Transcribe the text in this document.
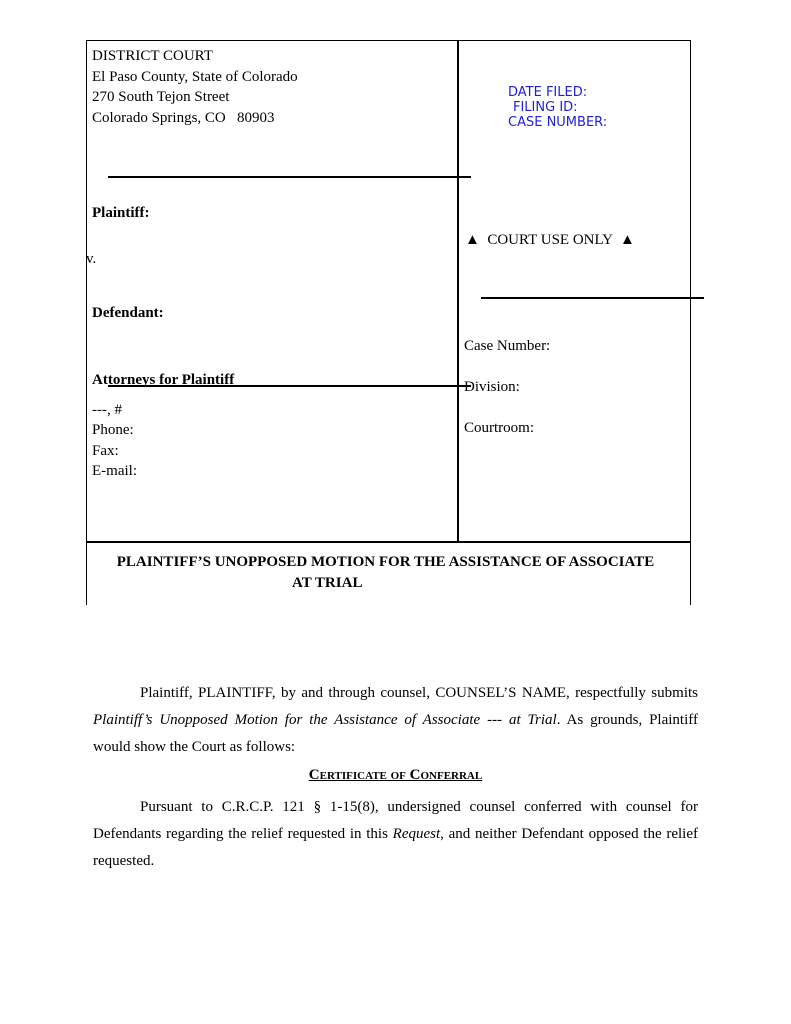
DISTRICT COURT
El Paso County, State of Colorado
270 South Tejon Street
Colorado Springs, CO   80903
DATE FILED:
FILING ID:
CASE NUMBER:
Plaintiff:
v.
Defendant:
▲  COURT USE ONLY  ▲
Case Number:
Division:
Courtroom:
Attorneys for Plaintiff
---, #
Phone:
Fax:
E-mail:
PLAINTIFF’S UNOPPOSED MOTION FOR THE ASSISTANCE OF ASSOCIATE
AT TRIAL
Plaintiff, PLAINTIFF, by and through counsel, COUNSEL’S NAME, respectfully submits Plaintiff’s Unopposed Motion for the Assistance of Associate --- at Trial. As grounds, Plaintiff would show the Court as follows:
Certificate of Conferral
Pursuant to C.R.C.P. 121 § 1-15(8), undersigned counsel conferred with counsel for Defendants regarding the relief requested in this Request, and neither Defendant opposed the relief requested.
